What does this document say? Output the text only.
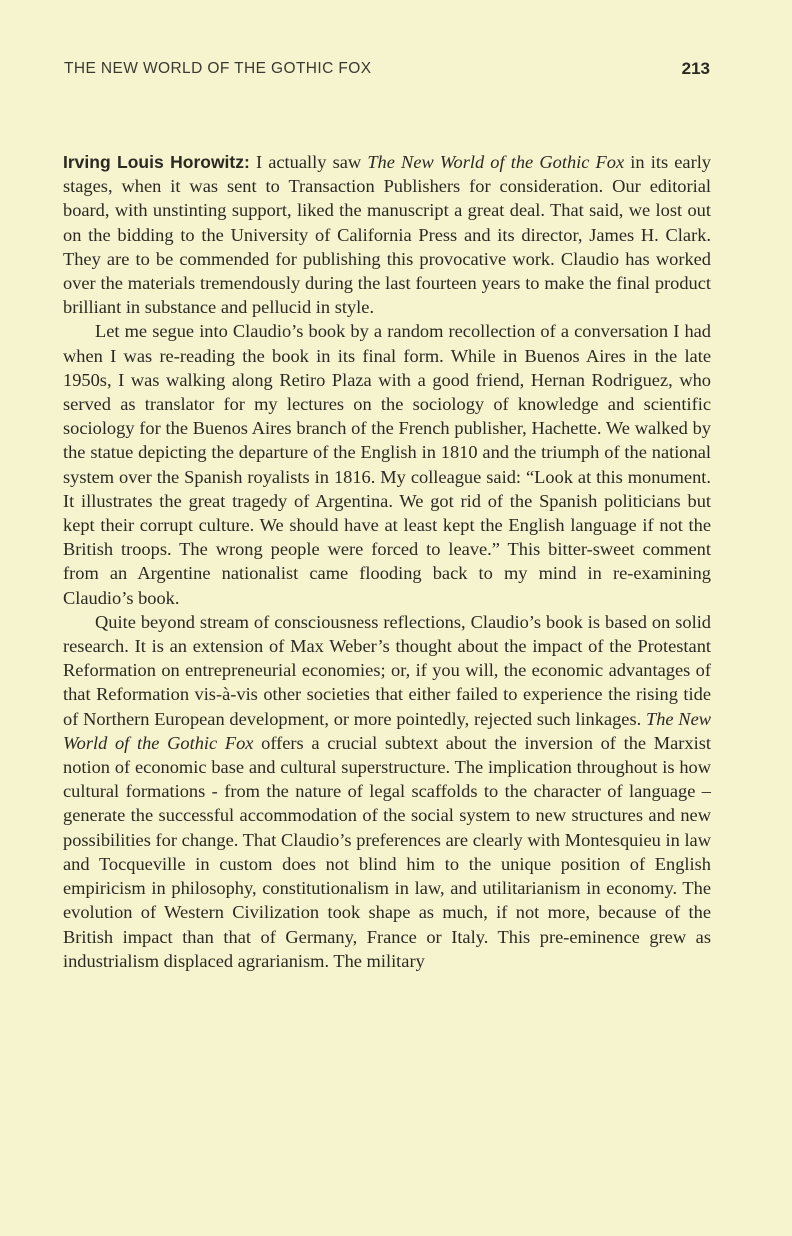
THE NEW WORLD OF THE GOTHIC FOX	213

Irving Louis Horowitz: I actually saw The New World of the Gothic Fox in its early stages, when it was sent to Transaction Publishers for consideration. Our editorial board, with unstinting support, liked the manuscript a great deal. That said, we lost out on the bidding to the University of California Press and its director, James H. Clark. They are to be commended for publishing this provocative work. Claudio has worked over the materials tremendously during the last fourteen years to make the final product brilliant in substance and pellucid in style.

Let me segue into Claudio’s book by a random recollection of a conversation I had when I was re-reading the book in its final form. While in Buenos Aires in the late 1950s, I was walking along Retiro Plaza with a good friend, Hernan Rodriguez, who served as translator for my lectures on the sociology of knowledge and scientific sociology for the Buenos Aires branch of the French publisher, Hachette. We walked by the statue depicting the departure of the English in 1810 and the triumph of the national system over the Spanish royalists in 1816. My colleague said: “Look at this monument. It illustrates the great tragedy of Argentina. We got rid of the Spanish politicians but kept their corrupt culture. We should have at least kept the English language if not the British troops. The wrong people were forced to leave.” This bitter-sweet comment from an Argentine nationalist came flooding back to my mind in re-examining Claudio’s book.

Quite beyond stream of consciousness reflections, Claudio’s book is based on solid research. It is an extension of Max Weber’s thought about the impact of the Protestant Reformation on entrepreneurial economies; or, if you will, the economic advantages of that Reformation vis-à-vis other societies that either failed to experience the rising tide of Northern European development, or more pointedly, rejected such linkages. The New World of the Gothic Fox offers a crucial subtext about the inversion of the Marxist notion of economic base and cultural superstructure. The implication throughout is how cultural formations - from the nature of legal scaffolds to the character of language – generate the successful accommodation of the social system to new structures and new possibilities for change. That Claudio’s preferences are clearly with Montesquieu in law and Tocqueville in custom does not blind him to the unique position of English empiricism in philosophy, constitutionalism in law, and utilitarianism in economy. The evolution of Western Civilization took shape as much, if not more, because of the British impact than that of Germany, France or Italy. This pre-eminence grew as industrialism displaced agrarianism. The military
